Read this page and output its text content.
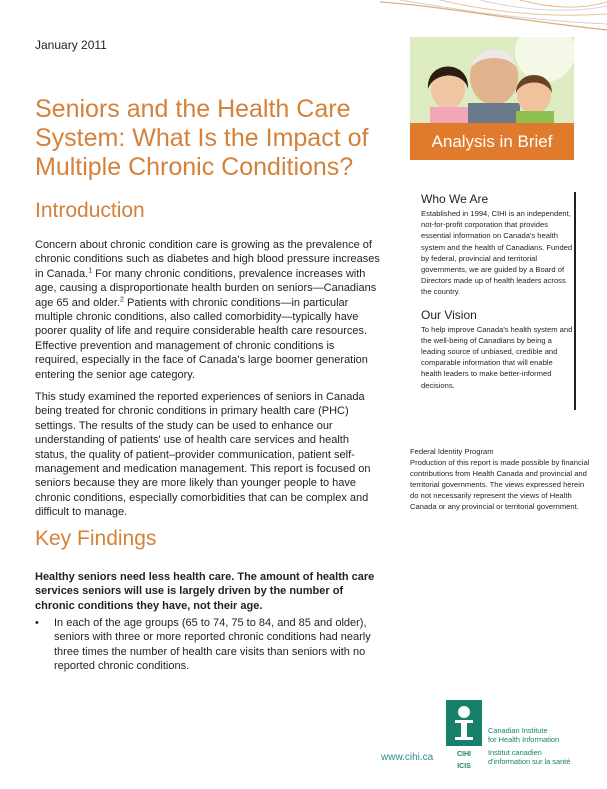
January 2011
Analysis in Brief
Seniors and the Health Care System: What Is the Impact of Multiple Chronic Conditions?
Introduction

Concern about chronic condition care is growing as the prevalence of chronic conditions such as diabetes and high blood pressure increases in Canada.$^1$ For many chronic conditions, prevalence increases with age, causing a disproportionate health burden on seniors—Canadians age 65 and older.$^2$ Patients with chronic conditions—in particular multiple chronic conditions, also called comorbidity—typically have poorer quality of life and require considerable health care resources. Effective prevention and management of chronic conditions is required, especially in the face of Canada's large boomer generation entering the senior age category.

This study examined the reported experiences of seniors in Canada being treated for chronic conditions in primary health care (PHC) settings. The results of the study can be used to enhance our understanding of patients' use of health care services and health status, the quality of patient–provider communication, patient self-management and medication management. This report is focused on seniors because they are more likely than younger people to have chronic conditions, especially comorbidities that can be complex and difficult to manage.

Key Findings

Healthy seniors need less health care. The amount of health care services seniors will use is largely driven by the number of chronic conditions they have, not their age.

•	In each of the age groups (65 to 74, 75 to 84, and 85 and older), seniors with three or more reported chronic conditions had nearly three times the number of health care visits than seniors with no reported chronic conditions.
Who We Are

Established in 1994, CIHI is an independent, not-for-profit corporation that provides essential information on Canada's health system and the health of Canadians. Funded by federal, provincial and territorial governments, we are guided by a Board of Directors made up of health leaders across the country.

Our Vision

To help improve Canada's health system and the well-being of Canadians by being a leading source of unbiased, credible and comparable information that will enable health leaders to make better-informed decisions.

Federal Identity Program

Production of this report is made possible by financial contributions from Health Canada and provincial and territorial governments. The views expressed herein do not necessarily represent the views of Health Canada or any provincial or territorial government.

www.cihi.ca	CIHI
ICIS
Canadian Institute
for Health Information
Institut canadien
d'information sur la santé
